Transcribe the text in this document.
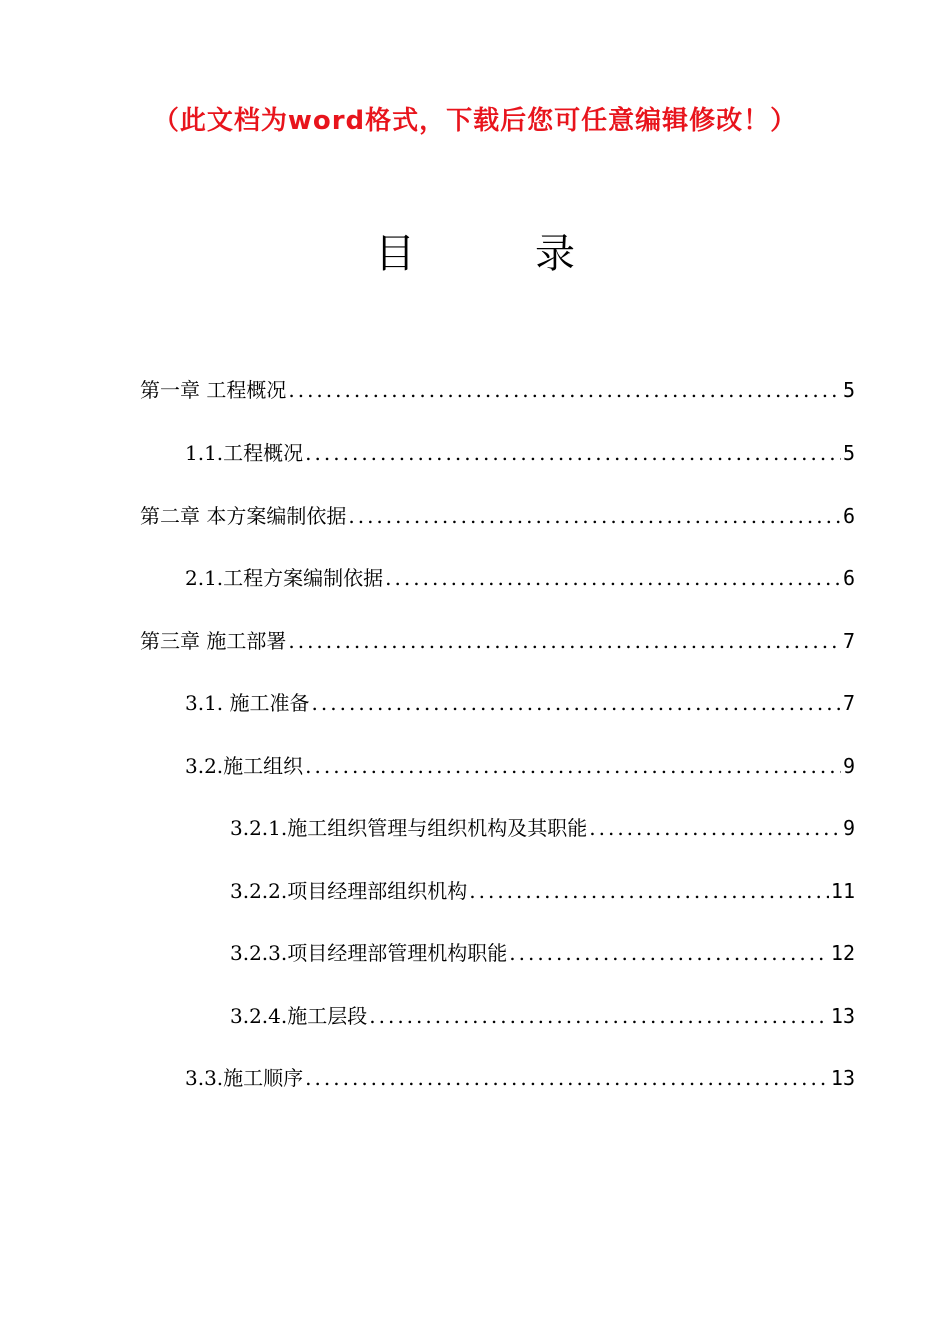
（此文档为word格式，下载后您可任意编辑修改！）
目　录
第一章 工程概况 .....	5
1.1.工程概况 .....	5
第二章 本方案编制依据 .....	6
2.1.工程方案编制依据 .....	6
第三章 施工部署 .....	7
3.1. 施工准备 .....	7
3.2.施工组织 .....	9
3.2.1.施工组织管理与组织机构及其职能 .....	9
3.2.2.项目经理部组织机构 .....	11
3.2.3.项目经理部管理机构职能 .....	12
3.2.4.施工层段 .....	13
3.3.施工顺序 .....	13
